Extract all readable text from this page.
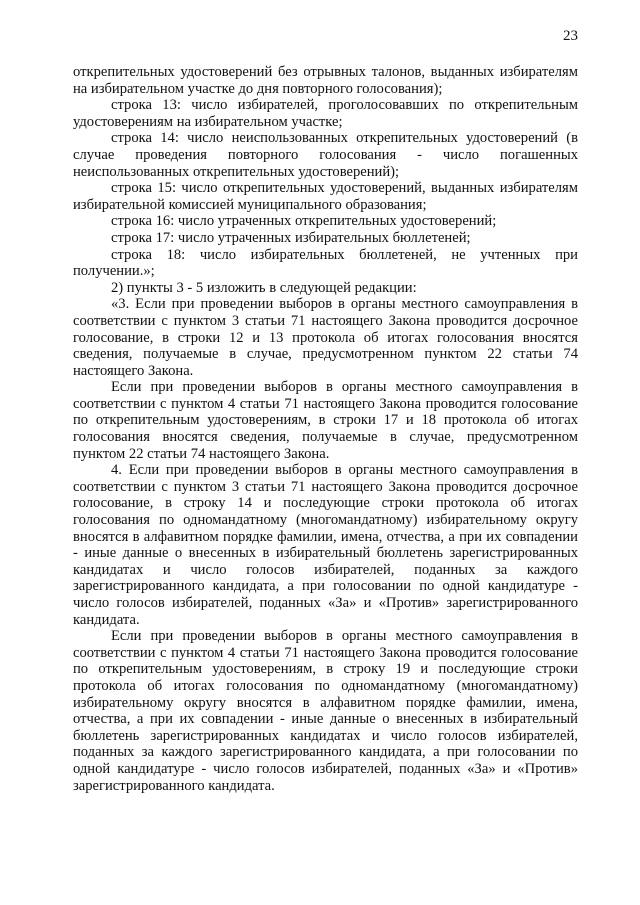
23

открепительных удостоверений без отрывных талонов, выданных избирателям на избирательном участке до дня повторного голосования);

строка 13: число избирателей, проголосовавших по открепительным удостоверениям на избирательном участке;

строка 14: число неиспользованных открепительных удостоверений (в случае проведения повторного голосования - число погашенных неиспользованных открепительных удостоверений);

строка 15: число открепительных удостоверений, выданных избирателям избирательной комиссией муниципального образования;

строка 16: число утраченных открепительных удостоверений;

строка 17: число утраченных избирательных бюллетеней;

строка 18: число избирательных бюллетеней, не учтенных при получении.»;

2) пункты 3 - 5 изложить в следующей редакции:

«3. Если при проведении выборов в органы местного самоуправления в соответствии с пунктом 3 статьи 71 настоящего Закона проводится досрочное голосование, в строки 12 и 13 протокола об итогах голосования вносятся сведения, получаемые в случае, предусмотренном пунктом 22 статьи 74 настоящего Закона.

Если при проведении выборов в органы местного самоуправления в соответствии с пунктом 4 статьи 71 настоящего Закона проводится голосование по открепительным удостоверениям, в строки 17 и 18 протокола об итогах голосования вносятся сведения, получаемые в случае, предусмотренном пунктом 22 статьи 74 настоящего Закона.

4. Если при проведении выборов в органы местного самоуправления в соответствии с пунктом 3 статьи 71 настоящего Закона проводится досрочное голосование, в строку 14 и последующие строки протокола об итогах голосования по одномандатному (многомандатному) избирательному округу вносятся в алфавитном порядке фамилии, имена, отчества, а при их совпадении - иные данные о внесенных в избирательный бюллетень зарегистрированных кандидатах и число голосов избирателей, поданных за каждого зарегистрированного кандидата, а при голосовании по одной кандидатуре - число голосов избирателей, поданных «За» и «Против» зарегистрированного кандидата.

Если при проведении выборов в органы местного самоуправления в соответствии с пунктом 4 статьи 71 настоящего Закона проводится голосование по открепительным удостоверениям, в строку 19 и последующие строки протокола об итогах голосования по одномандатному (многомандатному) избирательному округу вносятся в алфавитном порядке фамилии, имена, отчества, а при их совпадении - иные данные о внесенных в избирательный бюллетень зарегистрированных кандидатах и число голосов избирателей, поданных за каждого зарегистрированного кандидата, а при голосовании по одной кандидатуре - число голосов избирателей, поданных «За» и «Против» зарегистрированного кандидата.
